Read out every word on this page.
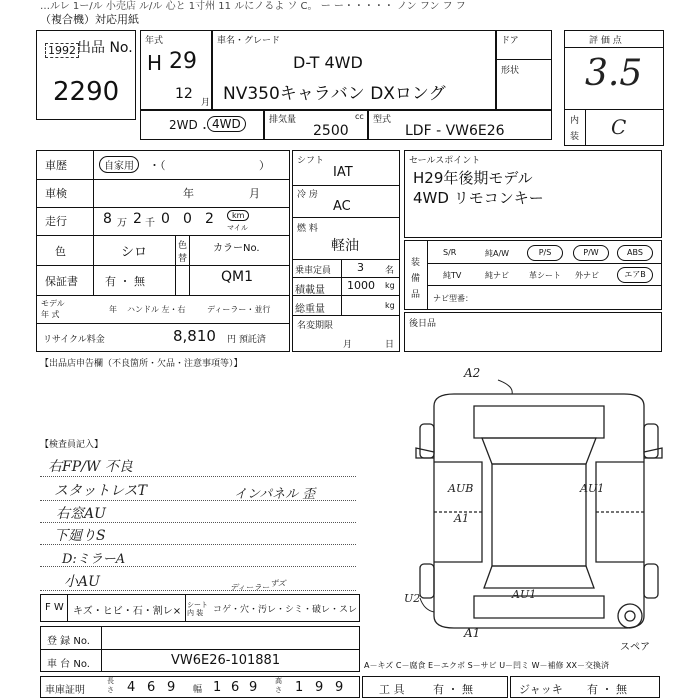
…ルレ 1ー/ル 小売店 ル/ル 心と 1寸州 11 ルにノるよ ソ C。 ー ー・・・・・ ノン フン フ フ
（複合機）対応用紙
出品 No.
1992
2290
年式
H 29
12
月
車名・グレード
D-T 4WD
NV350キャラバン DXロング
ドア
形状
評 価 点
3.5
内
装 C
2WD ・ 4WD	排気量	cc
2500
型式
LDF - VW6E26
車歴	自家用	・（	）
車検	年	月
走行	8 万 2 千 0 0 2	km
マイル
色	シロ	色
替
カラーNo.
保証書 有 ・ 無	QM1
モデル
年 式
年 ハンドル 左・右	ディーラー・並行
リサイクル料金	8,810 円 預託済
シフト
IAT
冷 房
AC
燃 料
軽油
乗車定員 3 名
積載量 1000 kg
総重量	kg
名変期限
月	日
セールスポイント
H29年後期モデル
4WD リモコンキー
装
備
品
S/R	純A/W	P/S	P/W	ABS
純TV	純ナビ	革シート 外ナビ	エアB
ナビ型番：
後日品
【出品店申告欄（不良箇所・欠品・注意事項等）】
【検査員記入】
右FP/W 不良
スタットレスT
右窓AU
下廻りS
D:ミラーA
小AU
インパネル 歪
F W キズ・ヒビ・石・割レ×
シート内 装	コゲ・穴・汚レ・シミ・破レ・スレ
ディーラー ずズ
登 録 No.
車 台 No.	VW6E26-101881
車庫証明
長さ 4 6 9 幅 1 6 9	高さ 1 9 9	工 具	有 ・ 無	ジャッキ 有 ・ 無
A－キズ C－腐食 E－エクボ S－サビ U－凹ミ W－補修 XX－交換済
A2
AUB	AU1
A1
AU1
U2
A1
スペア
